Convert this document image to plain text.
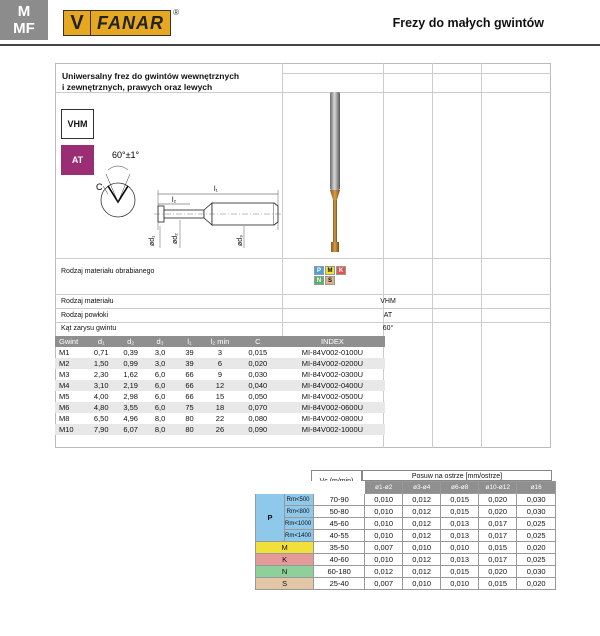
M
MF	V FANAR	®
Frezy do małych gwintów
Uniwersalny frez do gwintów wewnętrznych
i zewnętrznych, prawych oraz lewych
VHM
AT	60°±1°
C	l₁
l₂
ød₁ ød₂	ød₃
Rodzaj materiału obrabianego	P	M	K
N	S
Rodzaj materiału	VHM
Rodzaj powłoki	AT
Kąt zarysu gwintu	60°
Gwint	d₁	d₂	d₃	l₁	l₂ min	C	INDEX
M1	0,71	0,39	3,0	39	3	0,015	MI-84V002-0100U
M2	1,50	0,99	3,0	39	6	0,020	MI-84V002-0200U
M3	2,30	1,62	6,0	66	9	0,030	MI-84V002-0300U
M4	3,10	2,19	6,0	66	12	0,040	MI-84V002-0400U
M5	4,00	2,98	6,0	66	15	0,050	MI-84V002-0500U
M6	4,80	3,55	6,0	75	18	0,070	MI-84V002-0600U
M8	6,50	4,96	8,0	80	22	0,080	MI-84V002-0800U
M10	7,90	6,07	8,0	80	26	0,090	MI-84V002-1000U
Posuw na ostrze [mm/ostrze]
			ø1-ø2	ø3-ø4	ø6-ø8	ø10-ø12	ø16
P	Rm<500	70-90	0,010	0,012	0,015	0,020	0,030
	Rm<800	50-80	0,010	0,012	0,015	0,020	0,030
	Rm<1000	45-60	0,010	0,012	0,013	0,017	0,025
	Rm<1400	40-55	0,010	0,012	0,013	0,017	0,025
M		35-50	0,007	0,010	0,010	0,015	0,020
K		40-60	0,010	0,012	0,013	0,017	0,025
N		60-180	0,012	0,012	0,015	0,020	0,030
S		25-40	0,007	0,010	0,010	0,015	0,020
